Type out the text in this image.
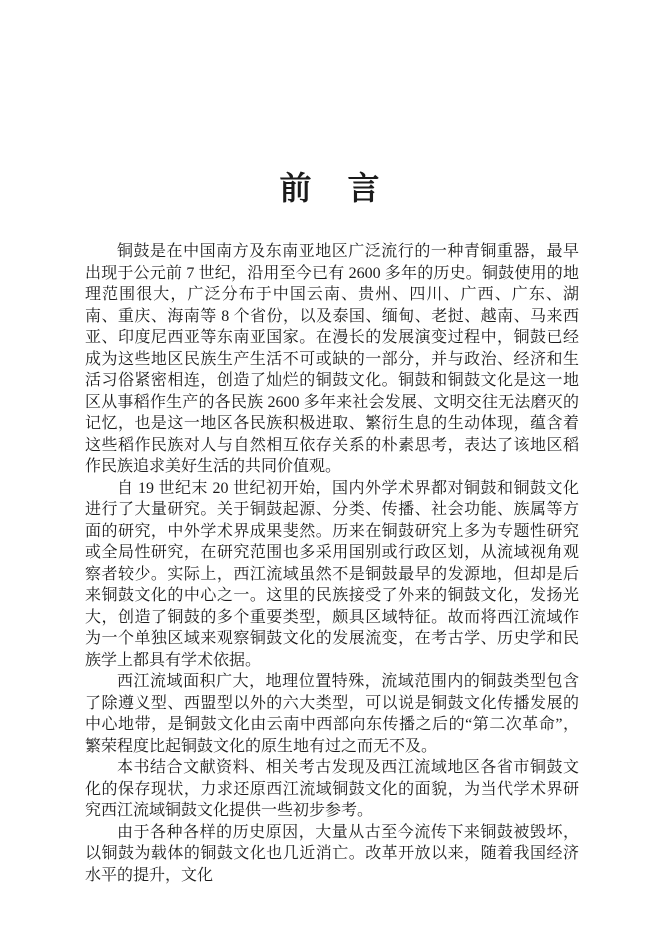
前　言

铜鼓是在中国南方及东南亚地区广泛流行的一种青铜重器，最早出现于公元前 7 世纪，沿用至今已有 2600 多年的历史。铜鼓使用的地理范围很大，广泛分布于中国云南、贵州、四川、广西、广东、湖南、重庆、海南等 8 个省份，以及泰国、缅甸、老挝、越南、马来西亚、印度尼西亚等东南亚国家。在漫长的发展演变过程中，铜鼓已经成为这些地区民族生产生活不可或缺的一部分，并与政治、经济和生活习俗紧密相连，创造了灿烂的铜鼓文化。铜鼓和铜鼓文化是这一地区从事稻作生产的各民族 2600 多年来社会发展、文明交往无法磨灭的记忆，也是这一地区各民族积极进取、繁衍生息的生动体现，蕴含着这些稻作民族对人与自然相互依存关系的朴素思考，表达了该地区稻作民族追求美好生活的共同价值观。

自 19 世纪末 20 世纪初开始，国内外学术界都对铜鼓和铜鼓文化进行了大量研究。关于铜鼓起源、分类、传播、社会功能、族属等方面的研究，中外学术界成果斐然。历来在铜鼓研究上多为专题性研究或全局性研究，在研究范围也多采用国别或行政区划，从流域视角观察者较少。实际上，西江流域虽然不是铜鼓最早的发源地，但却是后来铜鼓文化的中心之一。这里的民族接受了外来的铜鼓文化，发扬光大，创造了铜鼓的多个重要类型，颇具区域特征。故而将西江流域作为一个单独区域来观察铜鼓文化的发展流变，在考古学、历史学和民族学上都具有学术依据。

西江流域面积广大，地理位置特殊，流域范围内的铜鼓类型包含了除遵义型、西盟型以外的六大类型，可以说是铜鼓文化传播发展的中心地带，是铜鼓文化由云南中西部向东传播之后的“第二次革命”，繁荣程度比起铜鼓文化的原生地有过之而无不及。

本书结合文献资料、相关考古发现及西江流域地区各省市铜鼓文化的保存现状，力求还原西江流域铜鼓文化的面貌，为当代学术界研究西江流域铜鼓文化提供一些初步参考。

由于各种各样的历史原因，大量从古至今流传下来铜鼓被毁坏，以铜鼓为载体的铜鼓文化也几近消亡。改革开放以来，随着我国经济水平的提升，文化
